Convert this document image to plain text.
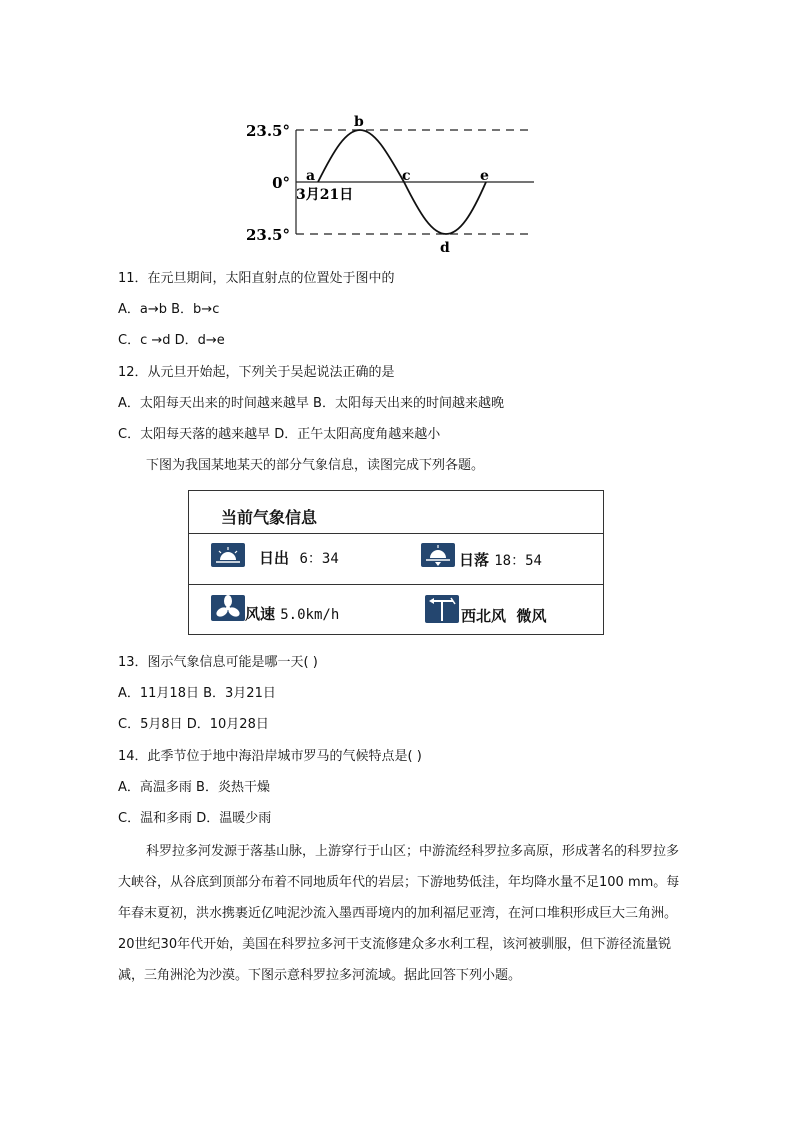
23.5°
0°
23.5°
a
b
c
d
e
3月21日
11．在元旦期间，太阳直射点的位置处于图中的
A．a→b B．b→c
C．c →d D．d→e
12．从元旦开始起，下列关于吴起说法正确的是
A．太阳每天出来的时间越来越早 B．太阳每天出来的时间越来越晚
C．太阳每天落的越来越早 D．正午太阳高度角越来越小
下图为我国某地某天的部分气象信息，读图完成下列各题。
当前气象信息
日出 6：34	日落 18：54
风速 5.0km/h	西北风 微风
13．图示气象信息可能是哪一天( )
A．11月18日 B．3月21日
C．5月8日 D．10月28日
14．此季节位于地中海沿岸城市罗马的气候特点是( )
A．高温多雨 B．炎热干燥
C．温和多雨 D．温暖少雨
科罗拉多河发源于落基山脉，上游穿行于山区；中游流经科罗拉多高原，形成著名的科罗拉多大峡谷，从谷底到顶部分布着不同地质年代的岩层；下游地势低洼，年均降水量不足100 mm。每年春末夏初，洪水携裹近亿吨泥沙流入墨西哥境内的加利福尼亚湾，在河口堆积形成巨大三角洲。20世纪30年代开始，美国在科罗拉多河干支流修建众多水利工程，该河被驯服，但下游径流量锐减，三角洲沦为沙漠。下图示意科罗拉多河流域。据此回答下列小题。
